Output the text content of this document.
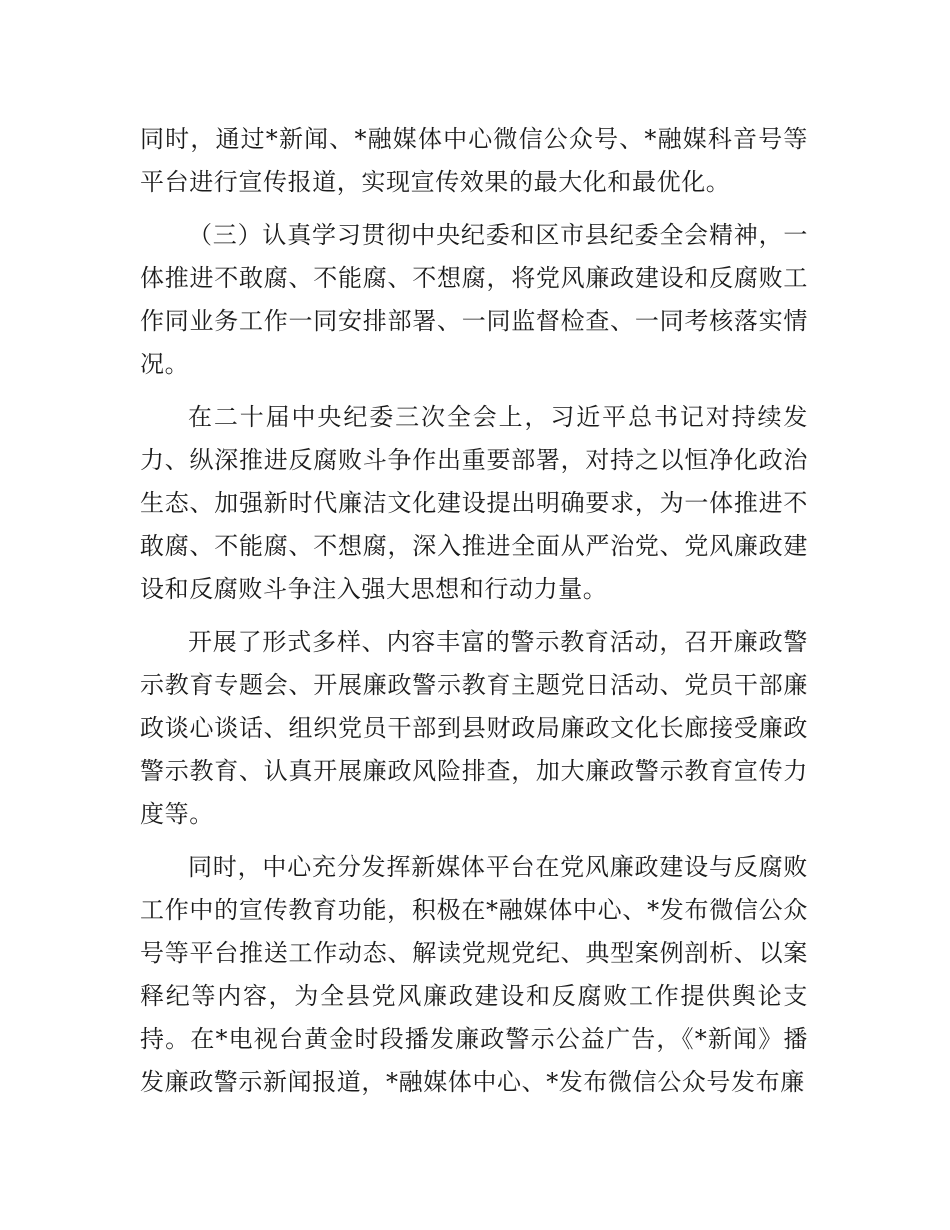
同时，通过*新闻、*融媒体中心微信公众号、*融媒科音号等平台进行宣传报道，实现宣传效果的最大化和最优化。

（三）认真学习贯彻中央纪委和区市县纪委全会精神，一体推进不敢腐、不能腐、不想腐，将党风廉政建设和反腐败工作同业务工作一同安排部署、一同监督检查、一同考核落实情况。

在二十届中央纪委三次全会上，习近平总书记对持续发力、纵深推进反腐败斗争作出重要部署，对持之以恒净化政治生态、加强新时代廉洁文化建设提出明确要求，为一体推进不敢腐、不能腐、不想腐，深入推进全面从严治党、党风廉政建设和反腐败斗争注入强大思想和行动力量。

开展了形式多样、内容丰富的警示教育活动，召开廉政警示教育专题会、开展廉政警示教育主题党日活动、党员干部廉政谈心谈话、组织党员干部到县财政局廉政文化长廊接受廉政警示教育、认真开展廉政风险排查，加大廉政警示教育宣传力度等。

同时，中心充分发挥新媒体平台在党风廉政建设与反腐败工作中的宣传教育功能，积极在*融媒体中心、*发布微信公众号等平台推送工作动态、解读党规党纪、典型案例剖析、以案释纪等内容，为全县党风廉政建设和反腐败工作提供舆论支持。在*电视台黄金时段播发廉政警示公益广告，《*新闻》播发廉政警示新闻报道，*融媒体中心、*发布微信公众号发布廉
